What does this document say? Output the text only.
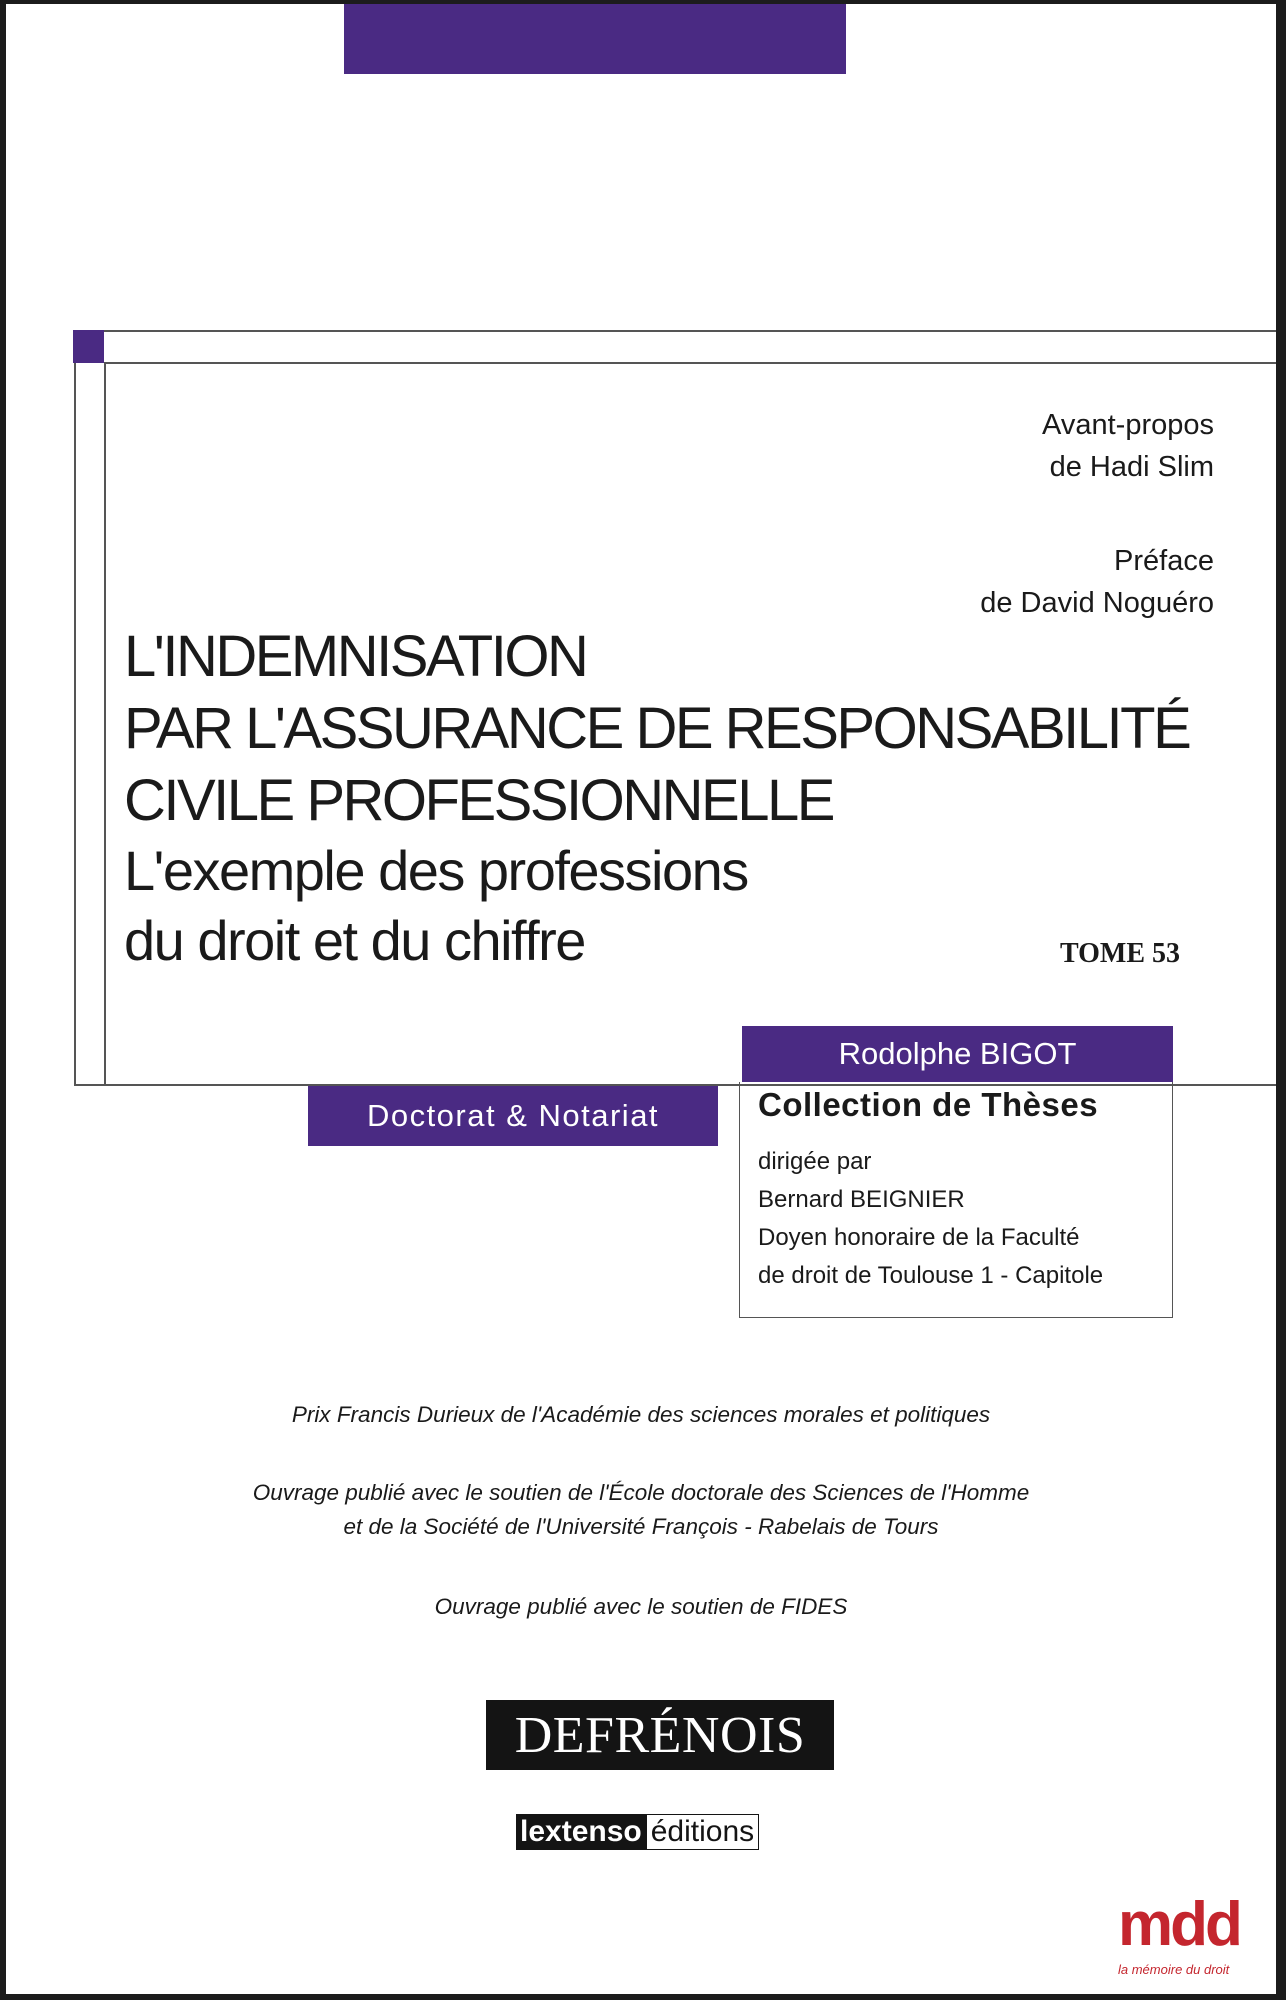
Avant-propos
de Hadi Slim
Préface
de David Noguéro
L'INDEMNISATION
PAR L'ASSURANCE DE RESPONSABILITÉ
CIVILE PROFESSIONNELLE
L'exemple des professions
du droit et du chiffre	TOME 53
Rodolphe BIGOT
Doctorat & Notariat	Collection de Thèses
dirigée par
Bernard BEIGNIER
Doyen honoraire de la Faculté
de droit de Toulouse 1 - Capitole
Prix Francis Durieux de l'Académie des sciences morales et politiques
Ouvrage publié avec le soutien de l'École doctorale des Sciences de l'Homme
et de la Société de l'Université François - Rabelais de Tours
Ouvrage publié avec le soutien de FIDES
DEFRÉNOIS
lextenso éditions
mdd
la mémoire du droit
